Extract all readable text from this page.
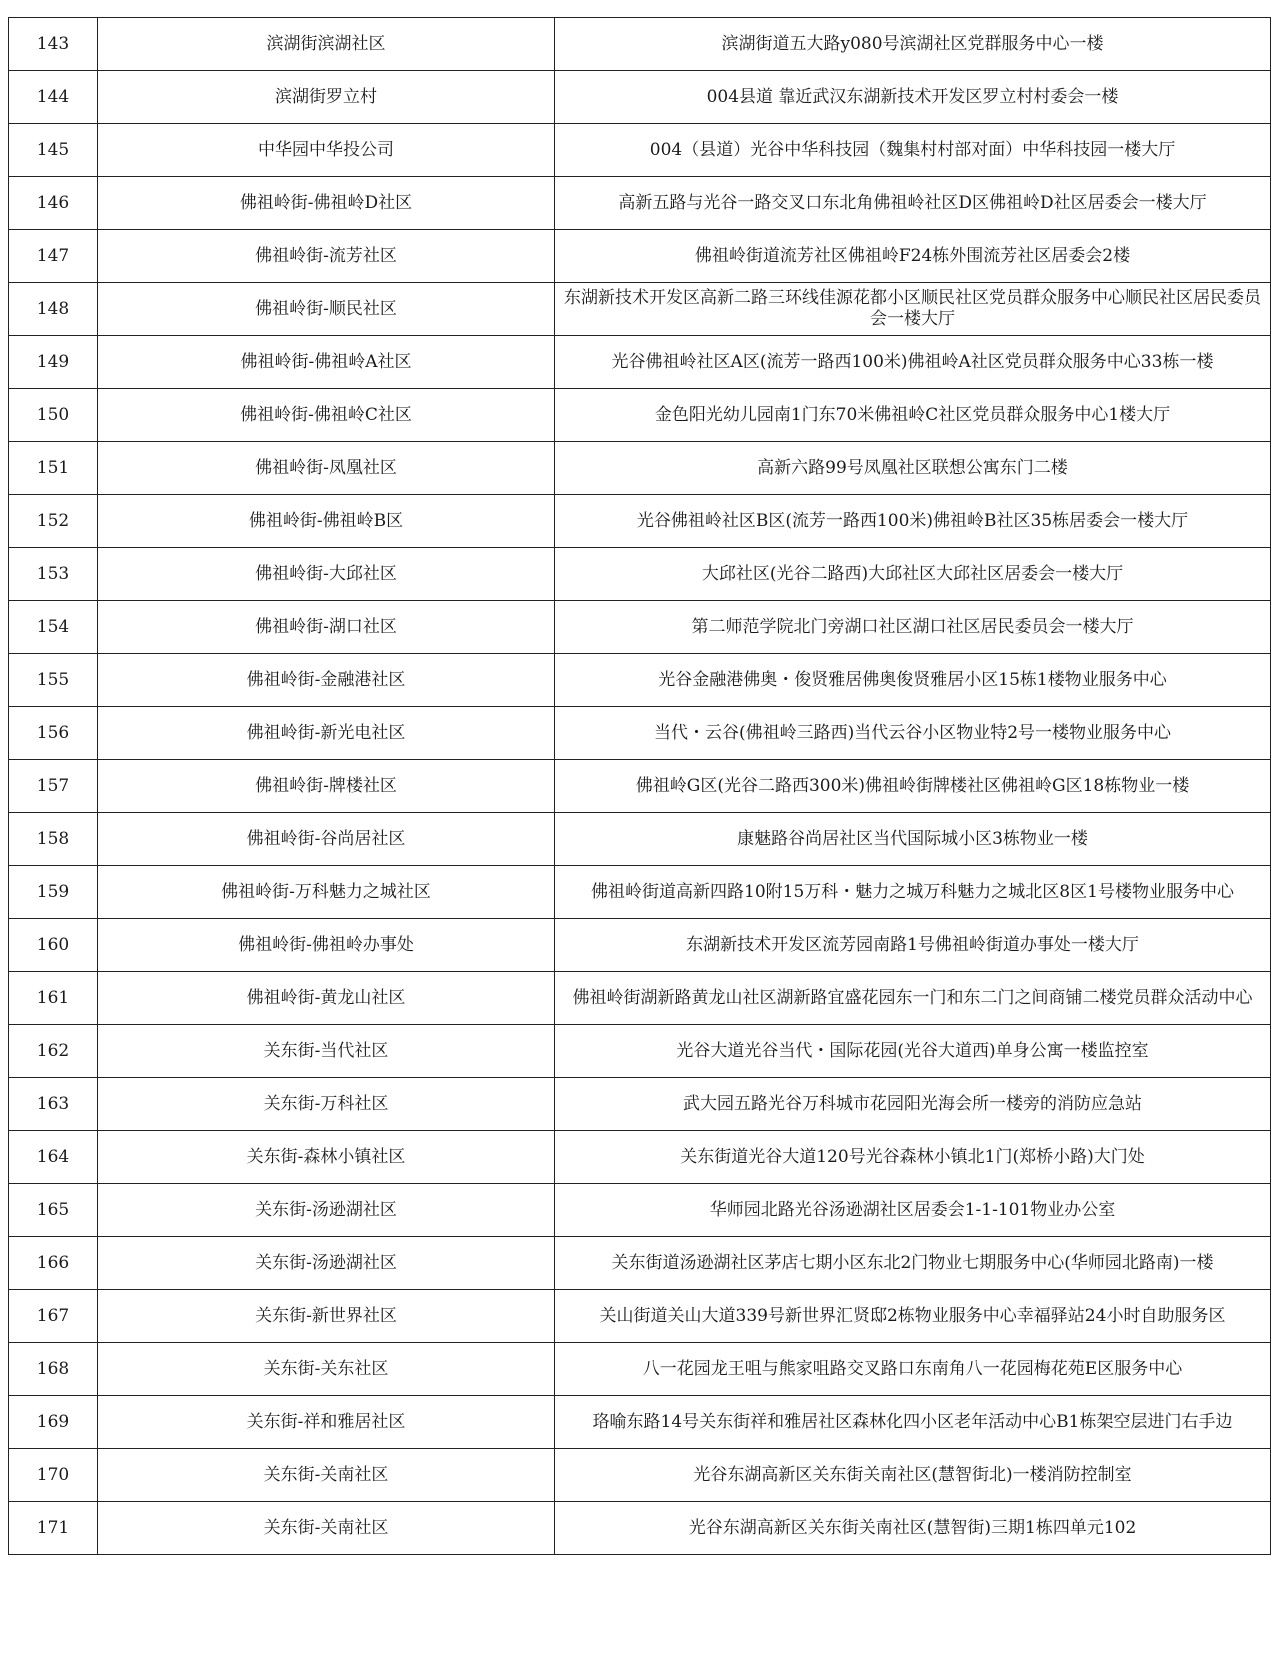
143	滨湖街滨湖社区	滨湖街道五大路y080号滨湖社区党群服务中心一楼
144	滨湖街罗立村	004县道 靠近武汉东湖新技术开发区罗立村村委会一楼
145	中华园中华投公司	004（县道）光谷中华科技园（魏集村村部对面）中华科技园一楼大厅
146	佛祖岭街-佛祖岭D社区	高新五路与光谷一路交叉口东北角佛祖岭社区D区佛祖岭D社区居委会一楼大厅
147	佛祖岭街-流芳社区	佛祖岭街道流芳社区佛祖岭F24栋外围流芳社区居委会2楼
148	佛祖岭街-顺民社区	东湖新技术开发区高新二路三环线佳源花都小区顺民社区党员群众服务中心顺民社区居民委员会一楼大厅
149	佛祖岭街-佛祖岭A社区	光谷佛祖岭社区A区(流芳一路西100米)佛祖岭A社区党员群众服务中心33栋一楼
150	佛祖岭街-佛祖岭C社区	金色阳光幼儿园南1门东70米佛祖岭C社区党员群众服务中心1楼大厅
151	佛祖岭街-凤凰社区	高新六路99号凤凰社区联想公寓东门二楼
152	佛祖岭街-佛祖岭B区	光谷佛祖岭社区B区(流芳一路西100米)佛祖岭B社区35栋居委会一楼大厅
153	佛祖岭街-大邱社区	大邱社区(光谷二路西)大邱社区大邱社区居委会一楼大厅
154	佛祖岭街-湖口社区	第二师范学院北门旁湖口社区湖口社区居民委员会一楼大厅
155	佛祖岭街-金融港社区	光谷金融港佛奥・俊贤雅居佛奥俊贤雅居小区15栋1楼物业服务中心
156	佛祖岭街-新光电社区	当代・云谷(佛祖岭三路西)当代云谷小区物业特2号一楼物业服务中心
157	佛祖岭街-牌楼社区	佛祖岭G区(光谷二路西300米)佛祖岭街牌楼社区佛祖岭G区18栋物业一楼
158	佛祖岭街-谷尚居社区	康魅路谷尚居社区当代国际城小区3栋物业一楼
159	佛祖岭街-万科魅力之城社区	佛祖岭街道高新四路10附15万科・魅力之城万科魅力之城北区8区1号楼物业服务中心
160	佛祖岭街-佛祖岭办事处	东湖新技术开发区流芳园南路1号佛祖岭街道办事处一楼大厅
161	佛祖岭街-黄龙山社区	佛祖岭街湖新路黄龙山社区湖新路宜盛花园东一门和东二门之间商铺二楼党员群众活动中心
162	关东街-当代社区	光谷大道光谷当代・国际花园(光谷大道西)单身公寓一楼监控室
163	关东街-万科社区	武大园五路光谷万科城市花园阳光海会所一楼旁的消防应急站
164	关东街-森林小镇社区	关东街道光谷大道120号光谷森林小镇北1门(郑桥小路)大门处
165	关东街-汤逊湖社区	华师园北路光谷汤逊湖社区居委会1-1-101物业办公室
166	关东街-汤逊湖社区	关东街道汤逊湖社区茅店七期小区东北2门物业七期服务中心(华师园北路南)一楼
167	关东街-新世界社区	关山街道关山大道339号新世界汇贤邸2栋物业服务中心幸福驿站24小时自助服务区
168	关东街-关东社区	八一花园龙王咀与熊家咀路交叉路口东南角八一花园梅花苑E区服务中心
169	关东街-祥和雅居社区	珞喻东路14号关东街祥和雅居社区森林化四小区老年活动中心B1栋架空层进门右手边
170	关东街-关南社区	光谷东湖高新区关东街关南社区(慧智街北)一楼消防控制室
171	关东街-关南社区	光谷东湖高新区关东街关南社区(慧智街)三期1栋四单元102
